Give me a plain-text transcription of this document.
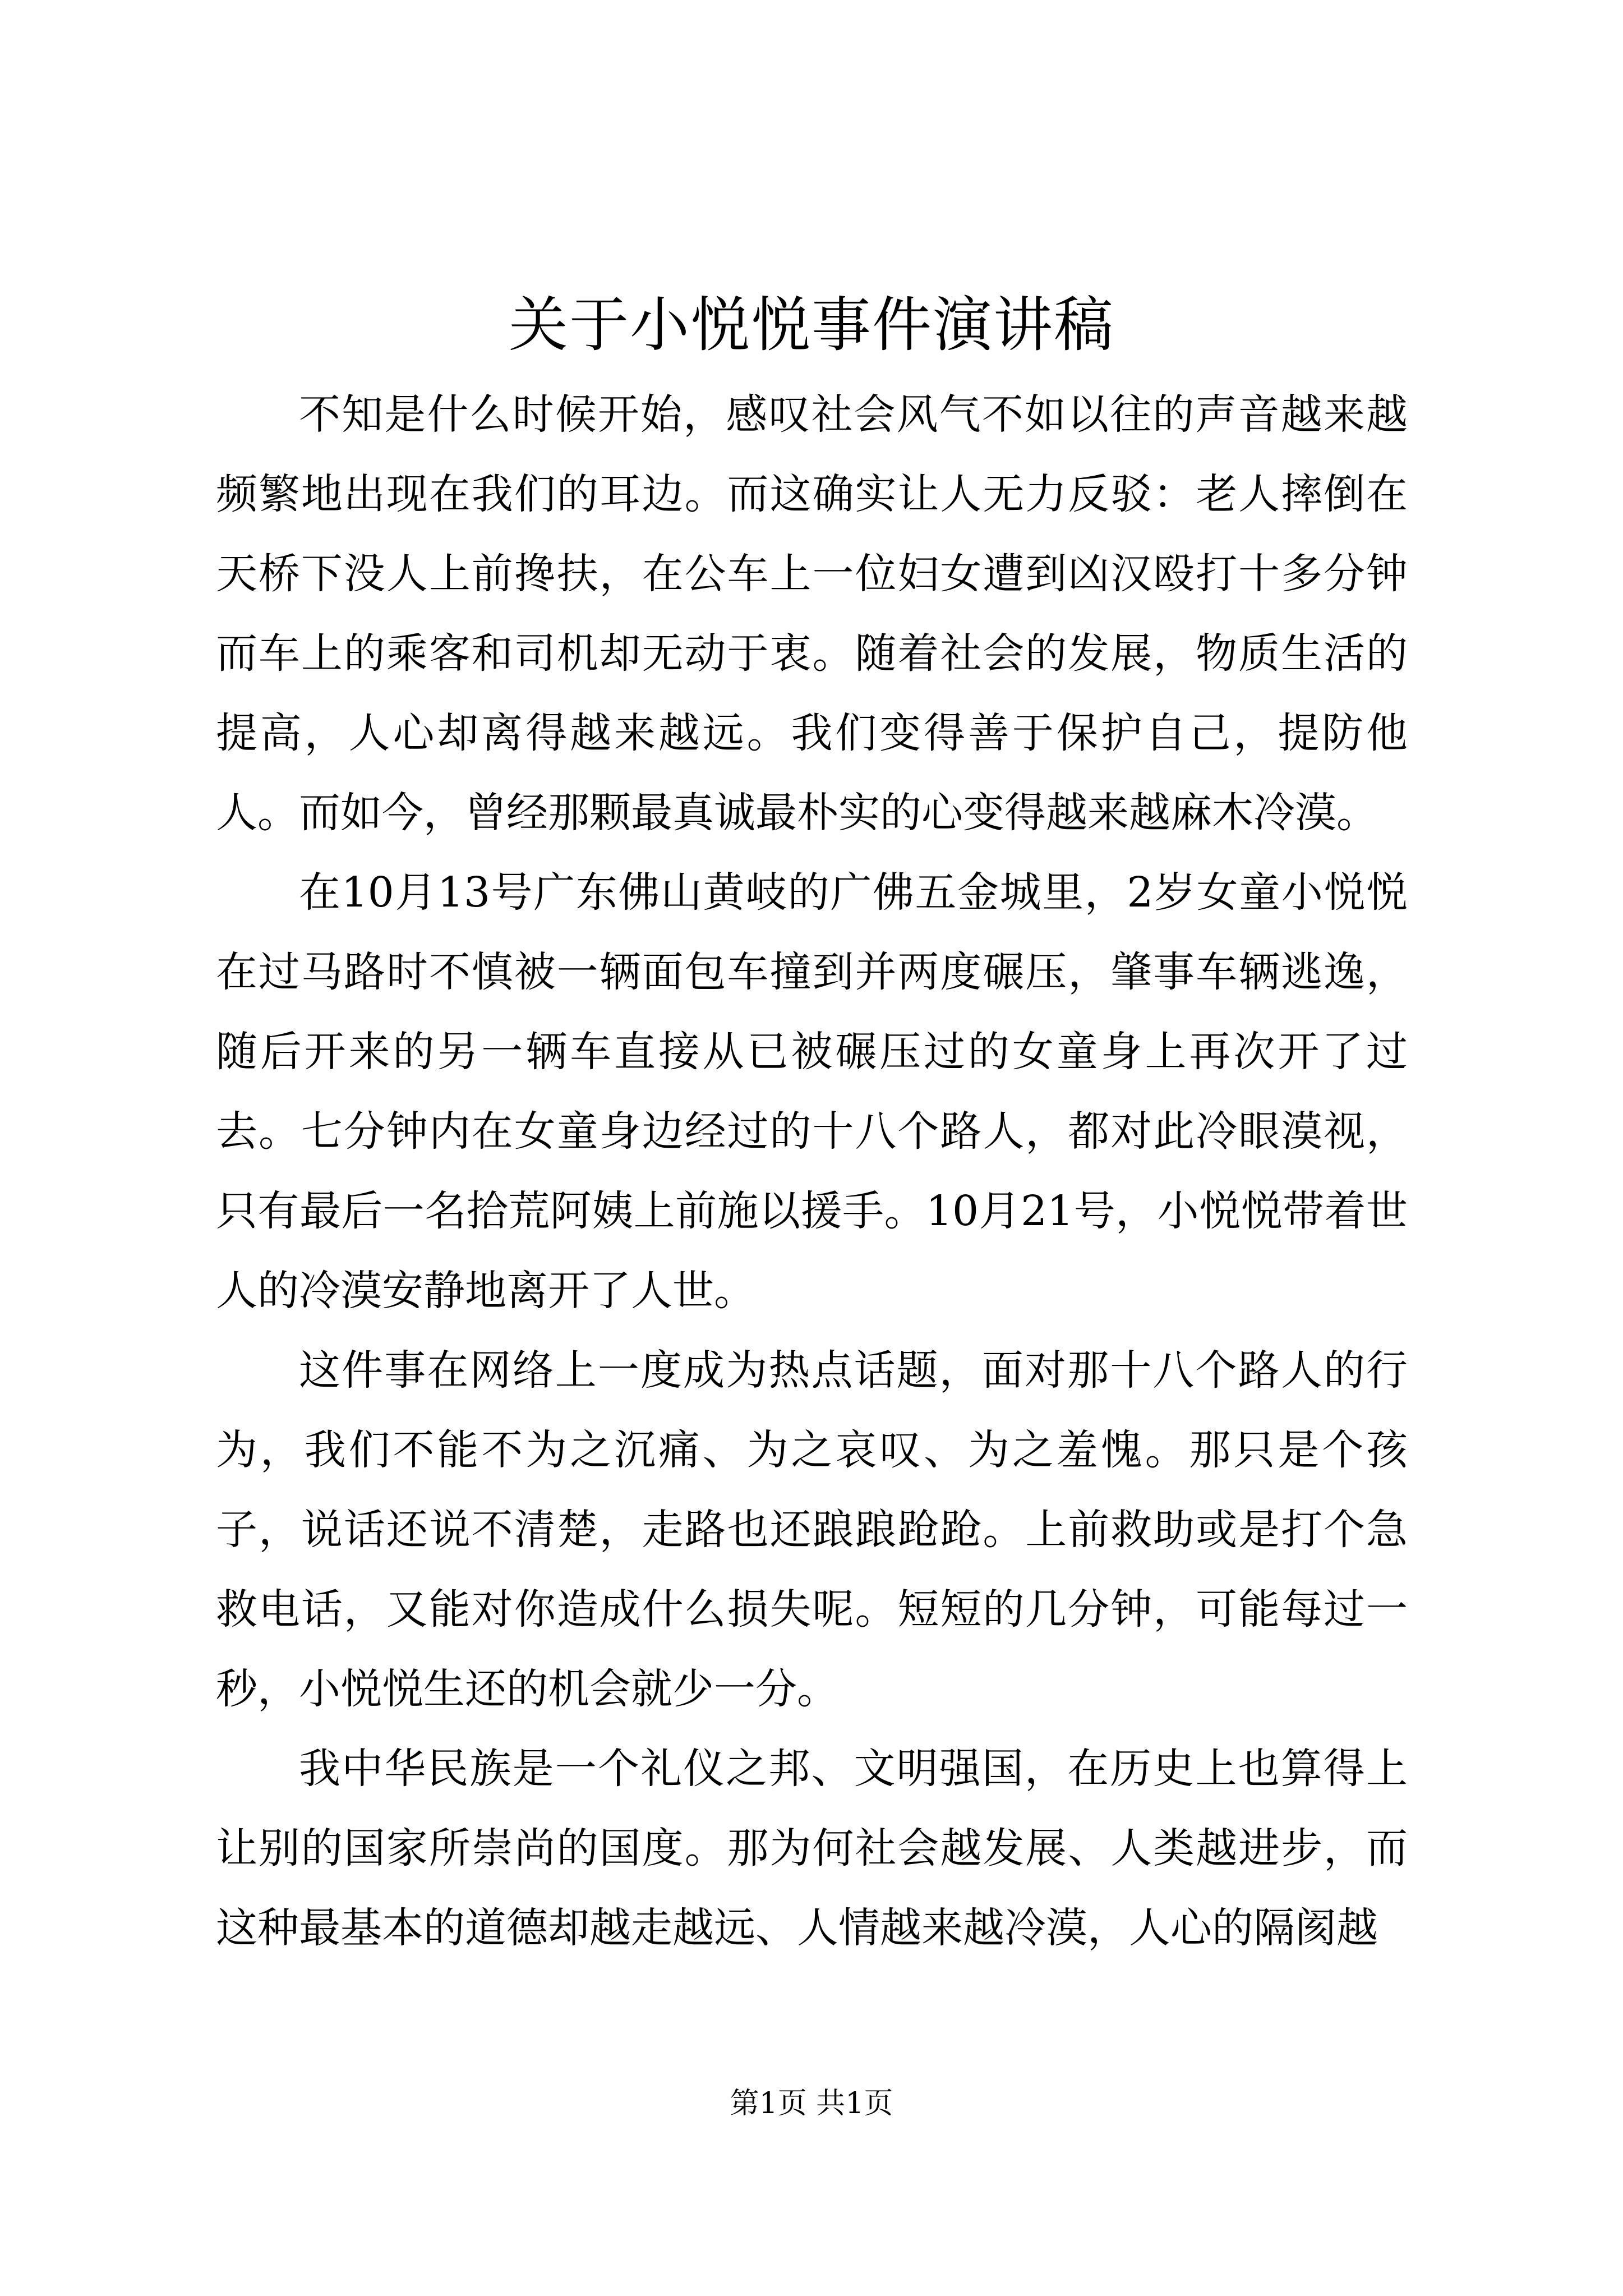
关于小悦悦事件演讲稿

不知是什么时候开始，感叹社会风气不如以往的声音越来越频繁地出现在我们的耳边。而这确实让人无力反驳：老人摔倒在天桥下没人上前搀扶，在公车上一位妇女遭到凶汉殴打十多分钟而车上的乘客和司机却无动于衷。随着社会的发展，物质生活的提高，人心却离得越来越远。我们变得善于保护自己，提防他人。而如今，曾经那颗最真诚最朴实的心变得越来越麻木冷漠。

在10月13号广东佛山黄岐的广佛五金城里，2岁女童小悦悦在过马路时不慎被一辆面包车撞到并两度碾压，肇事车辆逃逸，随后开来的另一辆车直接从已被碾压过的女童身上再次开了过去。七分钟内在女童身边经过的十八个路人，都对此冷眼漠视，只有最后一名拾荒阿姨上前施以援手。10月21号，小悦悦带着世人的冷漠安静地离开了人世。

这件事在网络上一度成为热点话题，面对那十八个路人的行为，我们不能不为之沉痛、为之哀叹、为之羞愧。那只是个孩子，说话还说不清楚，走路也还踉踉跄跄。上前救助或是打个急救电话，又能对你造成什么损失呢。短短的几分钟，可能每过一秒，小悦悦生还的机会就少一分。

我中华民族是一个礼仪之邦、文明强国，在历史上也算得上让别的国家所崇尚的国度。那为何社会越发展、人类越进步，而这种最基本的道德却越走越远、人情越来越冷漠，人心的隔阂越

第1页 共1页
